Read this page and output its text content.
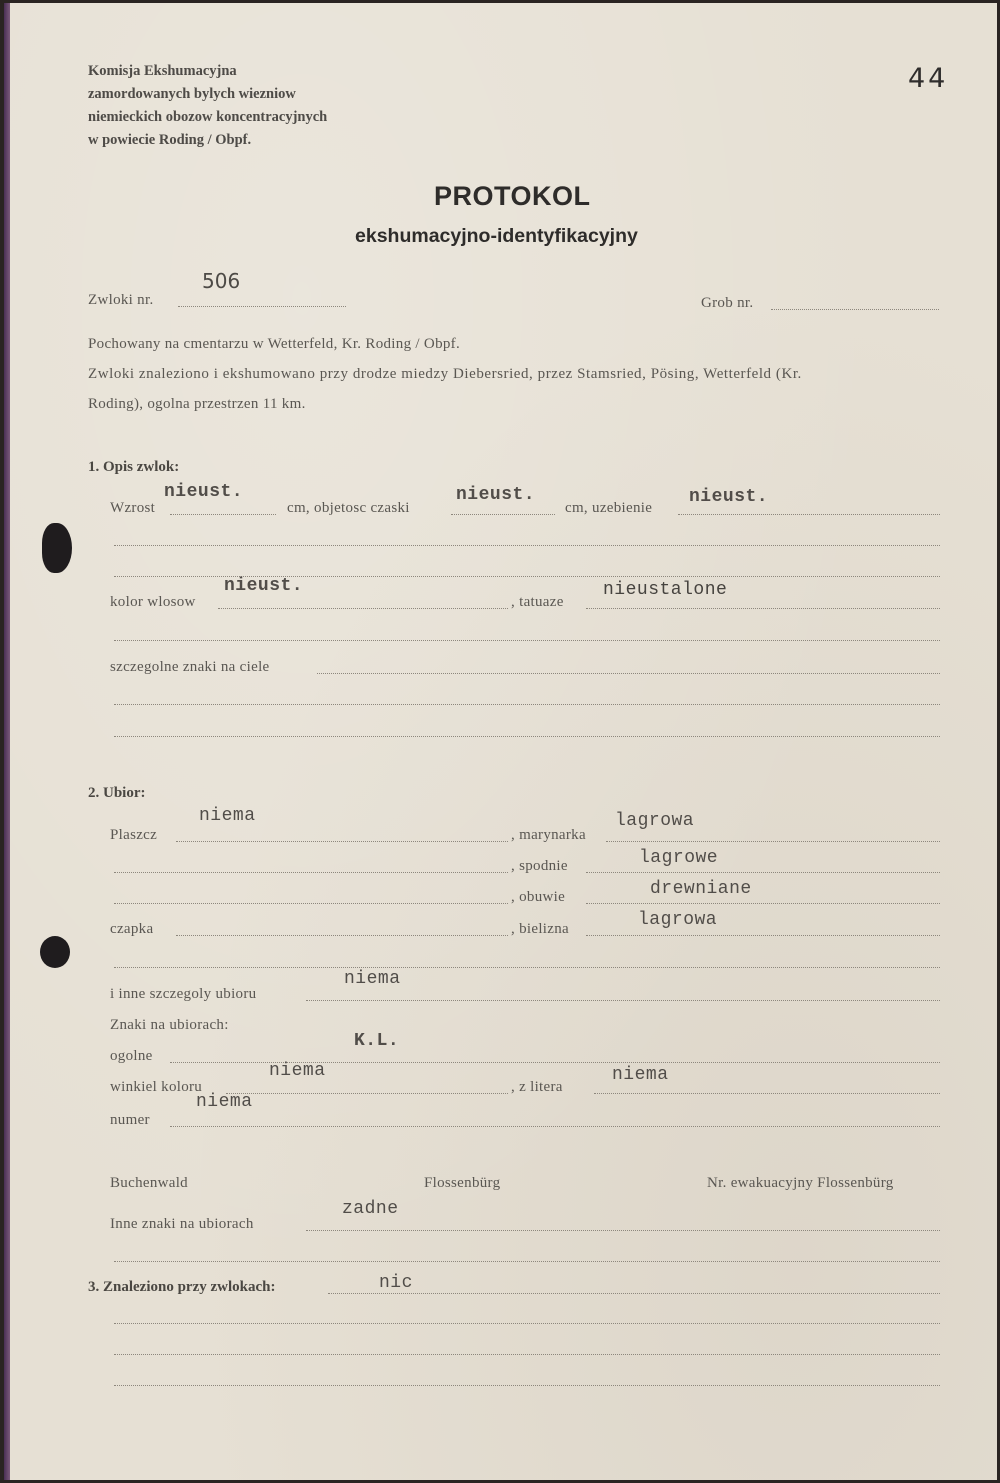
Komisja Ekshumacyjna
zamordowanych bylych wiezniow
niemieckich obozow koncentracyjnych
w powiecie Roding / Obpf.
44
PROTOKOL
ekshumacyjno-identyfikacyjny
Zwloki nr.
506
Grob nr.
Pochowany na cmentarzu w Wetterfeld, Kr. Roding / Obpf.
Zwloki znaleziono i ekshumowano przy drodze miedzy Diebersried, przez Stamsried, Pösing, Wetterfeld (Kr.
Roding), ogolna przestrzen 11 km.
1. Opis zwlok:
Wzrost
nieust.
cm, objetosc czaski
nieust.
cm, uzebienie
nieust.
kolor wlosow
nieust.
, tatuaze
nieustalone
szczegolne znaki na ciele
2. Ubior:
Plaszcz
niema
, marynarka
lagrowa
, spodnie	lagrowe
, obuwie	drewniane
czapka	, bielizna	lagrowa
i inne szczegoly ubioru
niema
Znaki na ubiorach:
ogolne
K.L.
winkiel koloru
niema
, z litera
niema
numer
niema
Buchenwald	Flossenbürg	Nr. ewakuacyjny Flossenbürg
Inne znaki na ubiorach
zadne
3. Znaleziono przy zwlokach:	nic
